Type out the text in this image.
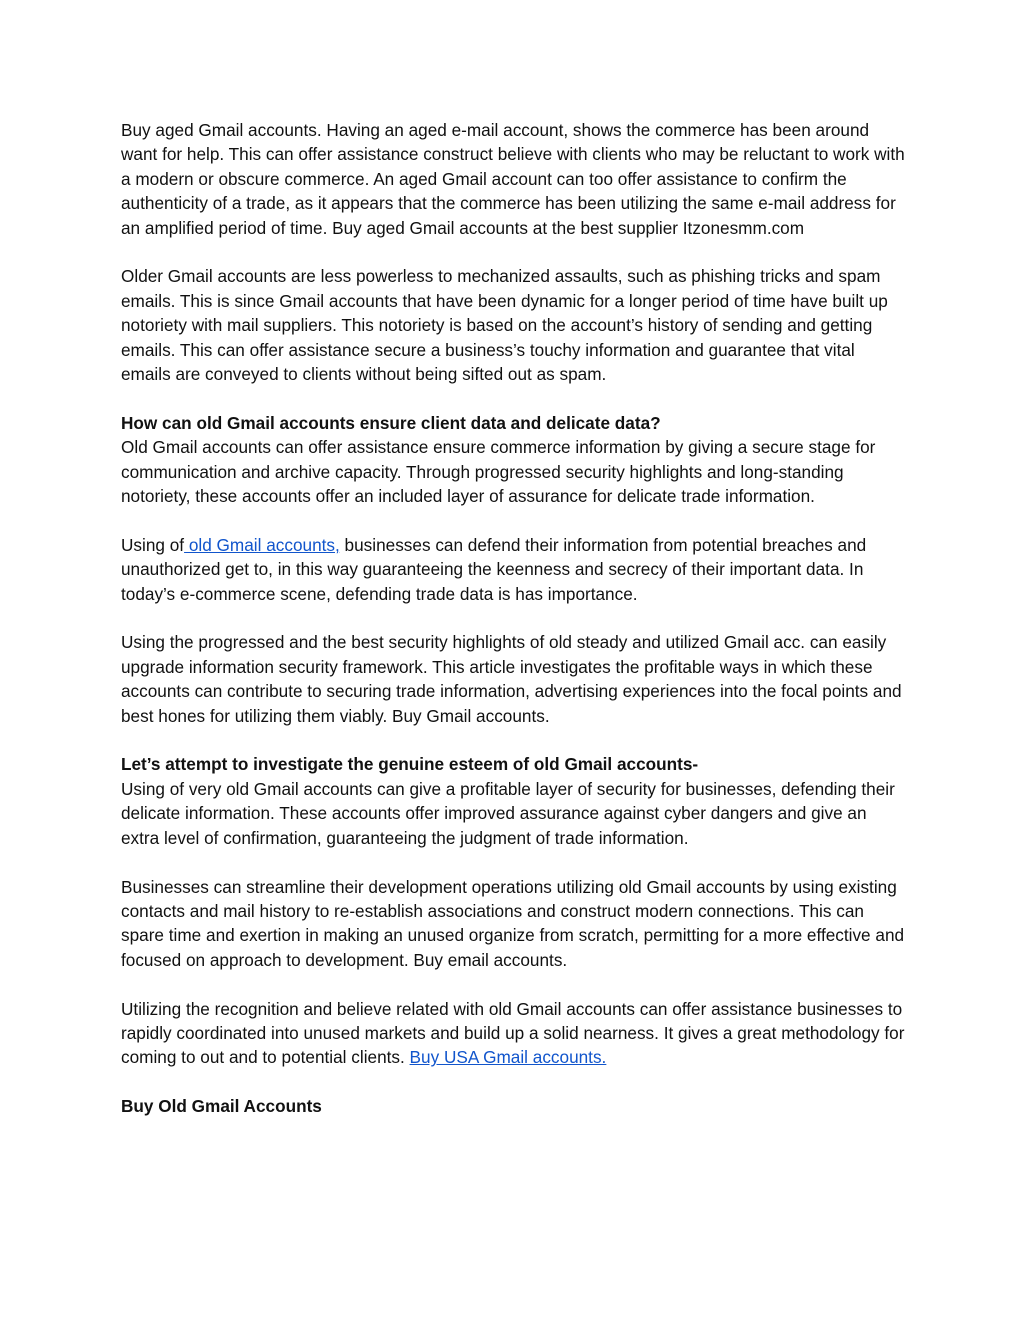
Buy aged Gmail accounts. Having an aged e-mail account, shows the commerce has been around want for help. This can offer assistance construct believe with clients who may be reluctant to work with a modern or obscure commerce. An aged Gmail account can too offer assistance to confirm the authenticity of a trade, as it appears that the commerce has been utilizing the same e-mail address for an amplified period of time. Buy aged Gmail accounts at the best supplier Itzonesmm.com

Older Gmail accounts are less powerless to mechanized assaults, such as phishing tricks and spam emails. This is since Gmail accounts that have been dynamic for a longer period of time have built up notoriety with mail suppliers. This notoriety is based on the account’s history of sending and getting emails. This can offer assistance secure a business’s touchy information and guarantee that vital emails are conveyed to clients without being sifted out as spam.

How can old Gmail accounts ensure client data and delicate data?

Old Gmail accounts can offer assistance ensure commerce information by giving a secure stage for communication and archive capacity. Through progressed security highlights and long-standing notoriety, these accounts offer an included layer of assurance for delicate trade information.

Using of old Gmail accounts, businesses can defend their information from potential breaches and unauthorized get to, in this way guaranteeing the keenness and secrecy of their important data. In today’s e-commerce scene, defending trade data is has importance.

Using the progressed and the best security highlights of old steady and utilized Gmail acc. can easily upgrade information security framework. This article investigates the profitable ways in which these accounts can contribute to securing trade information, advertising experiences into the focal points and best hones for utilizing them viably. Buy Gmail accounts.

Let’s attempt to investigate the genuine esteem of old Gmail accounts-

Using of very old Gmail accounts can give a profitable layer of security for businesses, defending their delicate information. These accounts offer improved assurance against cyber dangers and give an extra level of confirmation, guaranteeing the judgment of trade information.

Businesses can streamline their development operations utilizing old Gmail accounts by using existing contacts and mail history to re-establish associations and construct modern connections. This can spare time and exertion in making an unused organize from scratch, permitting for a more effective and focused on approach to development. Buy email accounts.

Utilizing the recognition and believe related with old Gmail accounts can offer assistance businesses to rapidly coordinated into unused markets and build up a solid nearness. It gives a great methodology for coming to out and to potential clients. Buy USA Gmail accounts.

Buy Old Gmail Accounts
